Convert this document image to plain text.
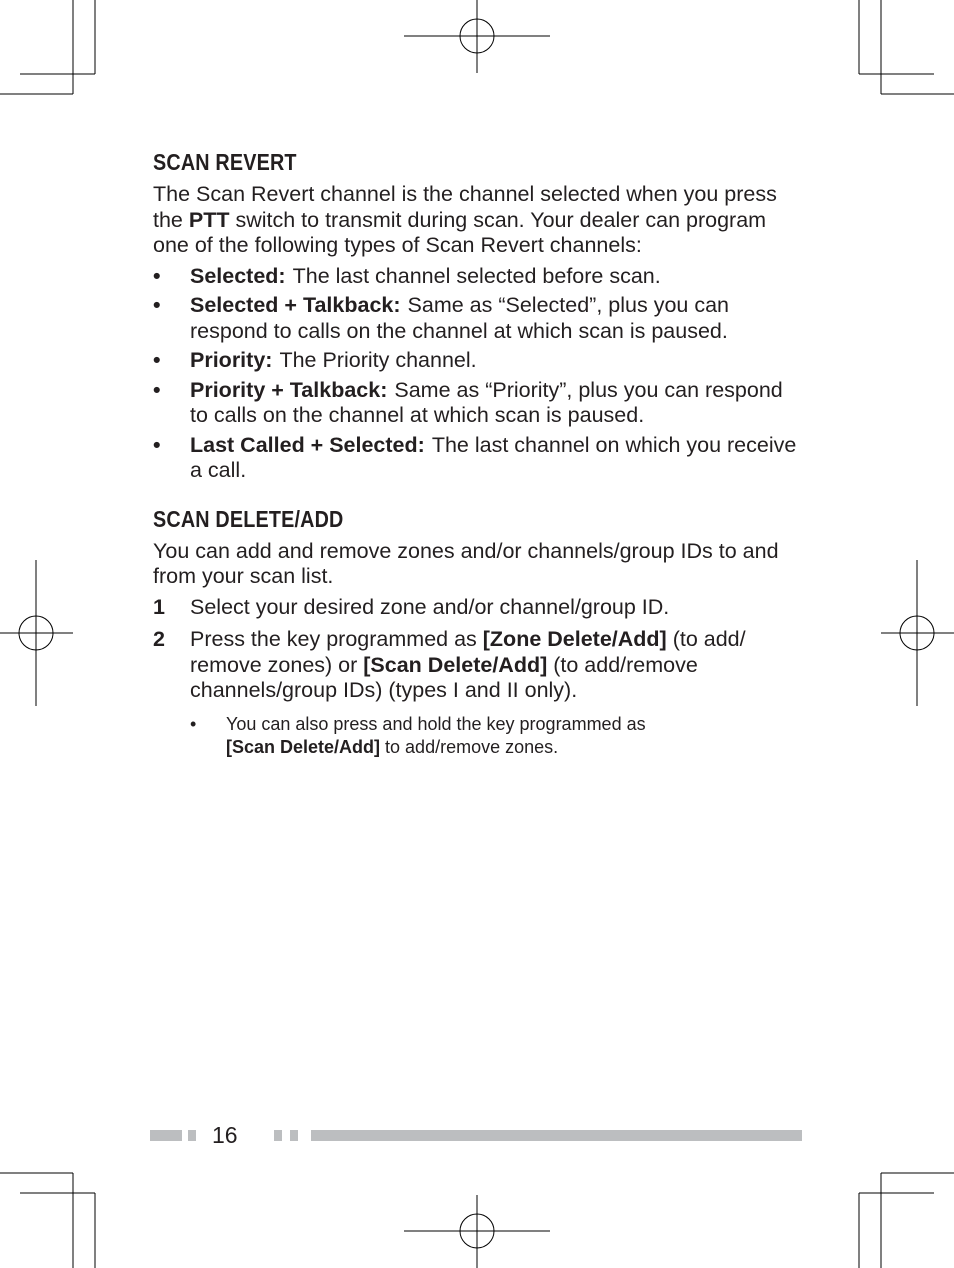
SCAN REVERT
The Scan Revert channel is the channel selected when you press the PTT switch to transmit during scan. Your dealer can program one of the following types of Scan Revert channels:
• Selected: The last channel selected before scan.
• Selected + Talkback: Same as “Selected”, plus you can respond to calls on the channel at which scan is paused.
• Priority: The Priority channel.
• Priority + Talkback: Same as “Priority”, plus you can respond to calls on the channel at which scan is paused.
• Last Called + Selected: The last channel on which you receive a call.
SCAN DELETE/ADD
You can add and remove zones and/or channels/group IDs to and from your scan list.
1 Select your desired zone and/or channel/group ID.
2 Press the key programmed as [Zone Delete/Add] (to add/ remove zones) or [Scan Delete/Add] (to add/remove channels/group IDs) (types I and II only).
• You can also press and hold the key programmed as
[Scan Delete/Add] to add/remove zones.
16
